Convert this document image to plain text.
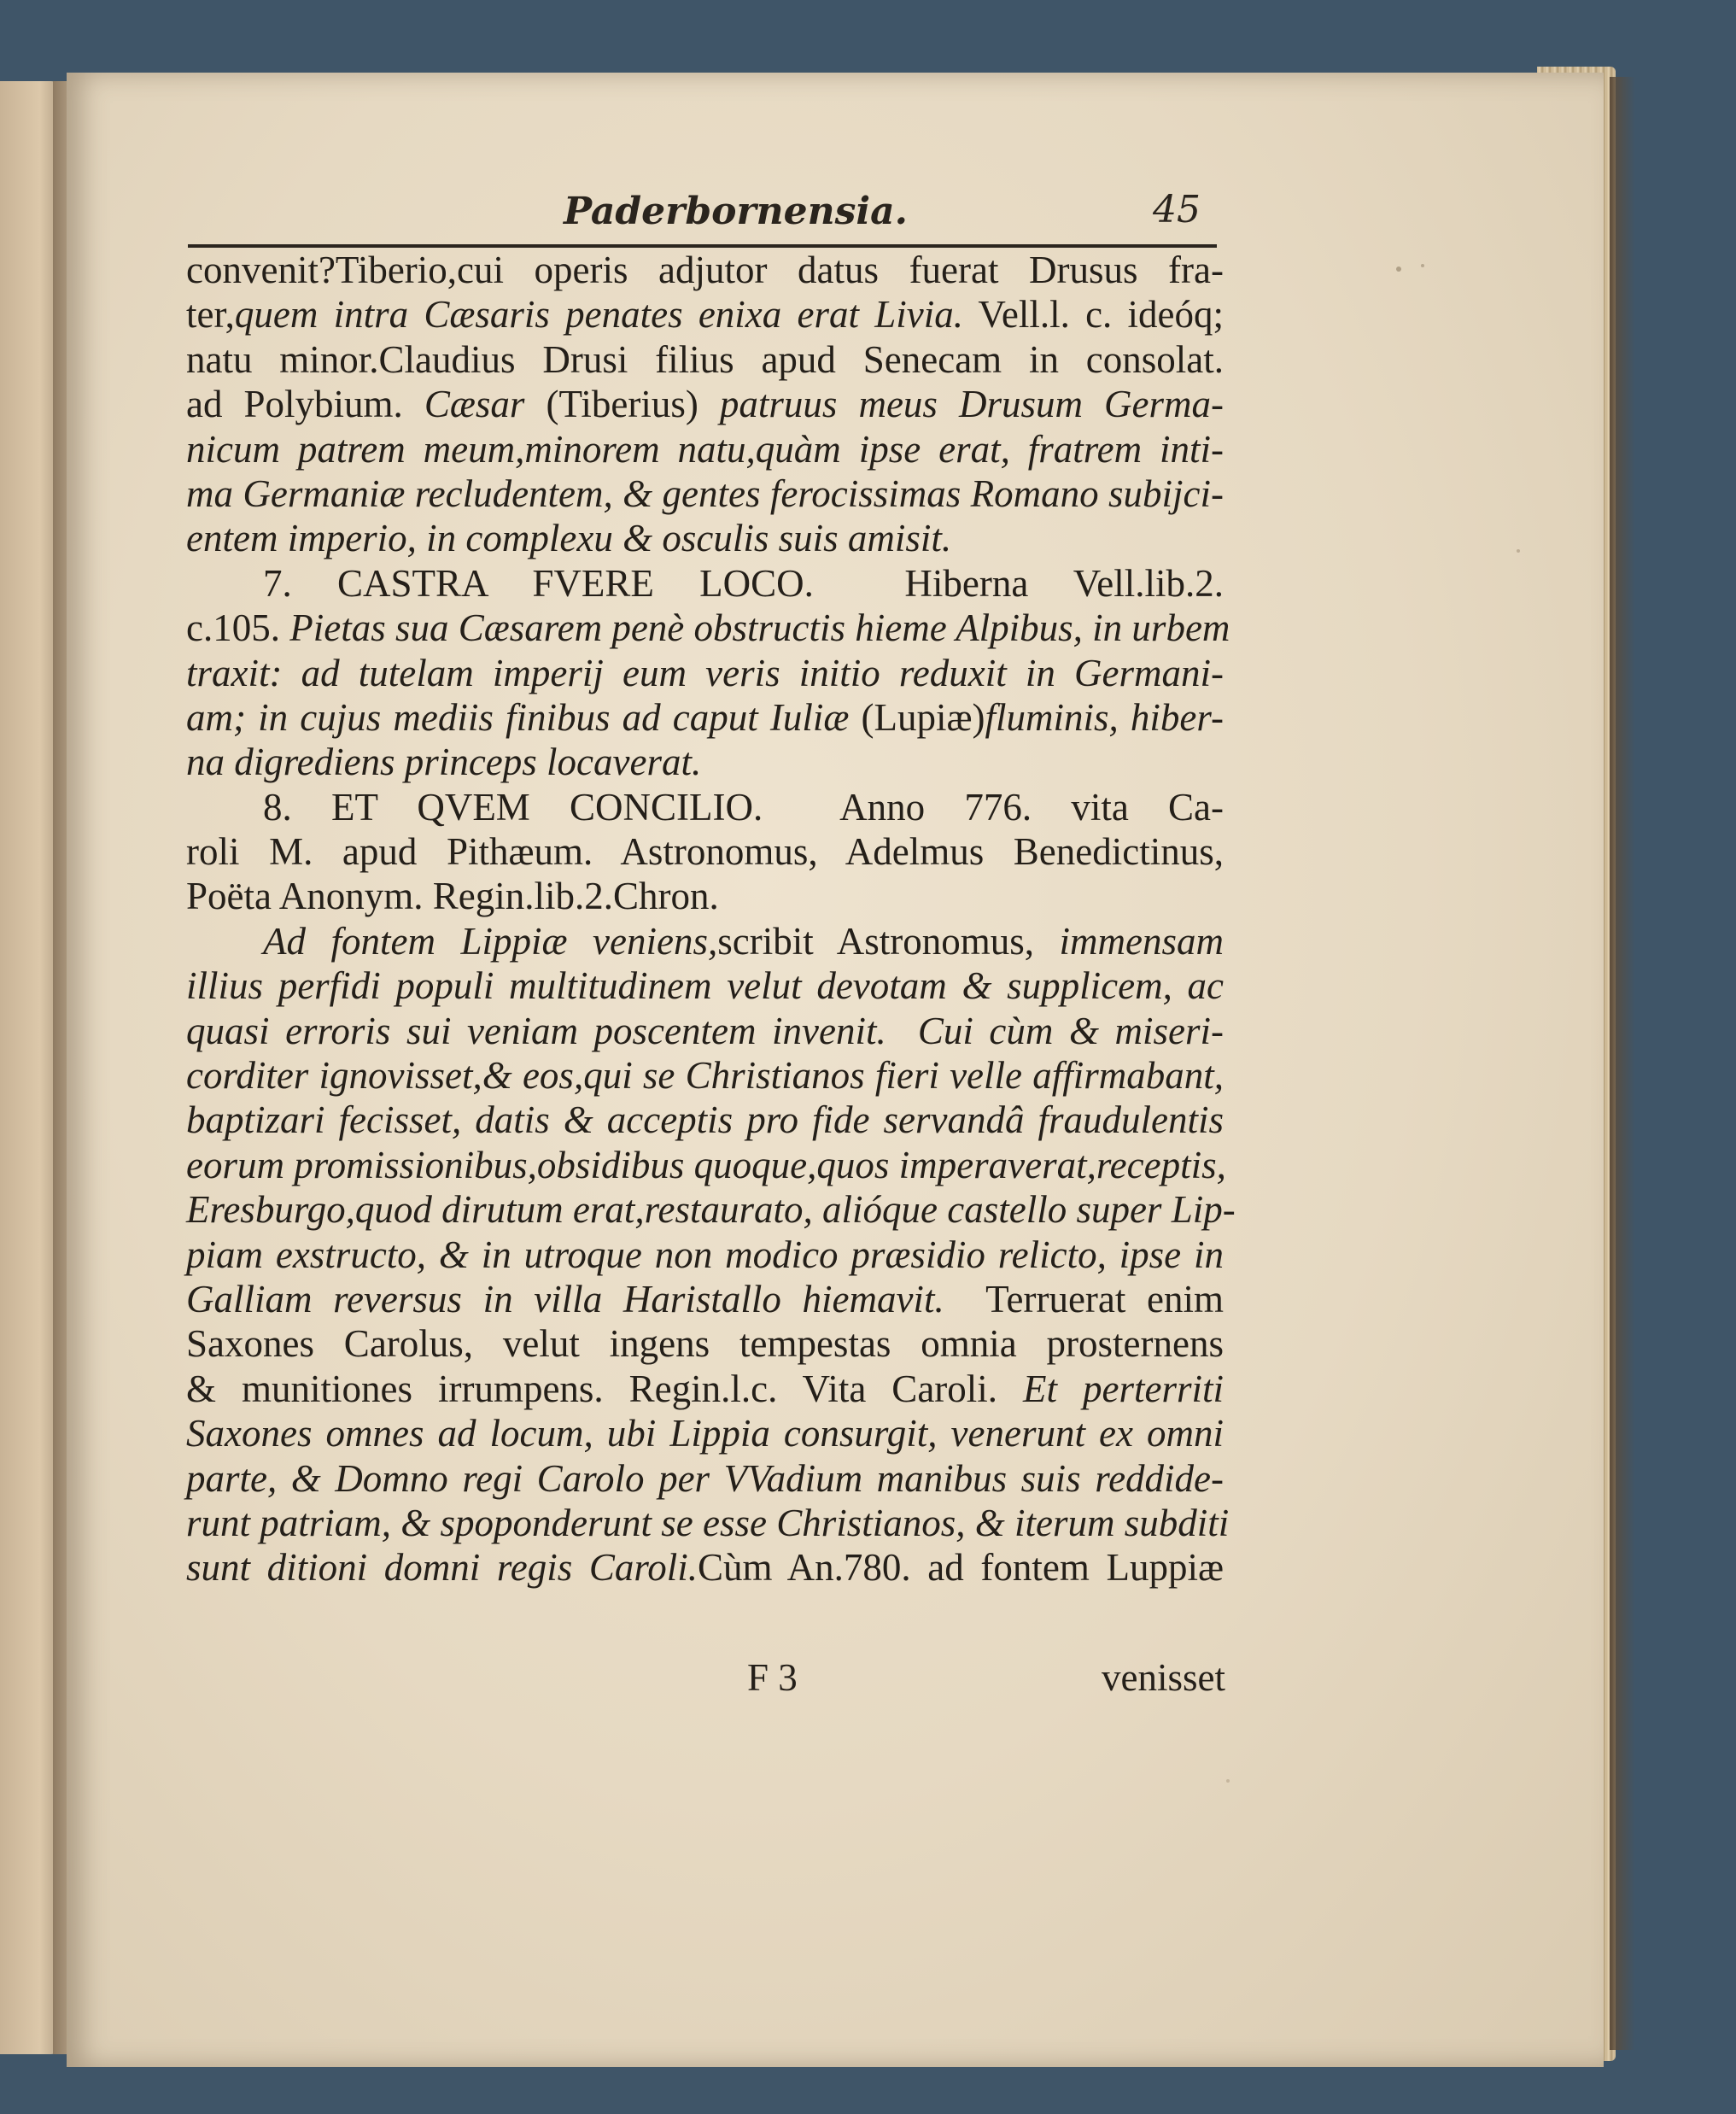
Paderbornensia.	45
convenit?Tiberio,cui operis adjutor datus fuerat Drusus fra-
ter,quem intra Cæsaris penates enixa erat Livia. Vell.l. c. ideóq;
natu minor.Claudius Drusi filius apud Senecam in consolat.
ad Polybium. Cæsar (Tiberius) patruus meus Drusum Germa-
nicum patrem meum,minorem natu,quàm ipse erat, fratrem inti-
ma Germaniæ recludentem, & gentes ferocissimas Romano subijci-
entem imperio, in complexu & osculis suis amisit.
7. CASTRA FVERE LOCO.  Hiberna Vell.lib.2.
c.105. Pietas sua Cæsarem penè obstructis hieme Alpibus, in urbem
traxit: ad tutelam imperij eum veris initio reduxit in Germani-
am; in cujus mediis finibus ad caput Iuliæ (Lupiæ)fluminis, hiber-
na digrediens princeps locaverat.
8. ET QVEM CONCILIO.  Anno 776. vita Ca-
roli M. apud Pithæum. Astronomus, Adelmus Benedictinus,
Poëta Anonym. Regin.lib.2.Chron.
Ad fontem Lippiæ veniens,scribit Astronomus, immensam
illius perfidi populi multitudinem velut devotam & supplicem, ac
quasi erroris sui veniam poscentem invenit.  Cui cùm & miseri-
corditer ignovisset,& eos,qui se Christianos fieri velle affirmabant,
baptizari fecisset, datis & acceptis pro fide servandâ fraudulentis
eorum promissionibus,obsidibus quoque,quos imperaverat,receptis,
Eresburgo,quod dirutum erat,restaurato, alióque castello super Lip-
piam exstructo, & in utroque non modico præsidio relicto, ipse in
Galliam reversus in villa Haristallo hiemavit.  Terruerat enim
Saxones Carolus, velut ingens tempestas omnia prosternens
& munitiones irrumpens. Regin.l.c. Vita Caroli. Et perterriti
Saxones omnes ad locum, ubi Lippia consurgit, venerunt ex omni
parte, & Domno regi Carolo per VVadium manibus suis reddide-
runt patriam, & spoponderunt se esse Christianos, & iterum subditi
sunt ditioni domni regis Caroli.Cùm An.780. ad fontem Luppiæ
F 3	venisset
